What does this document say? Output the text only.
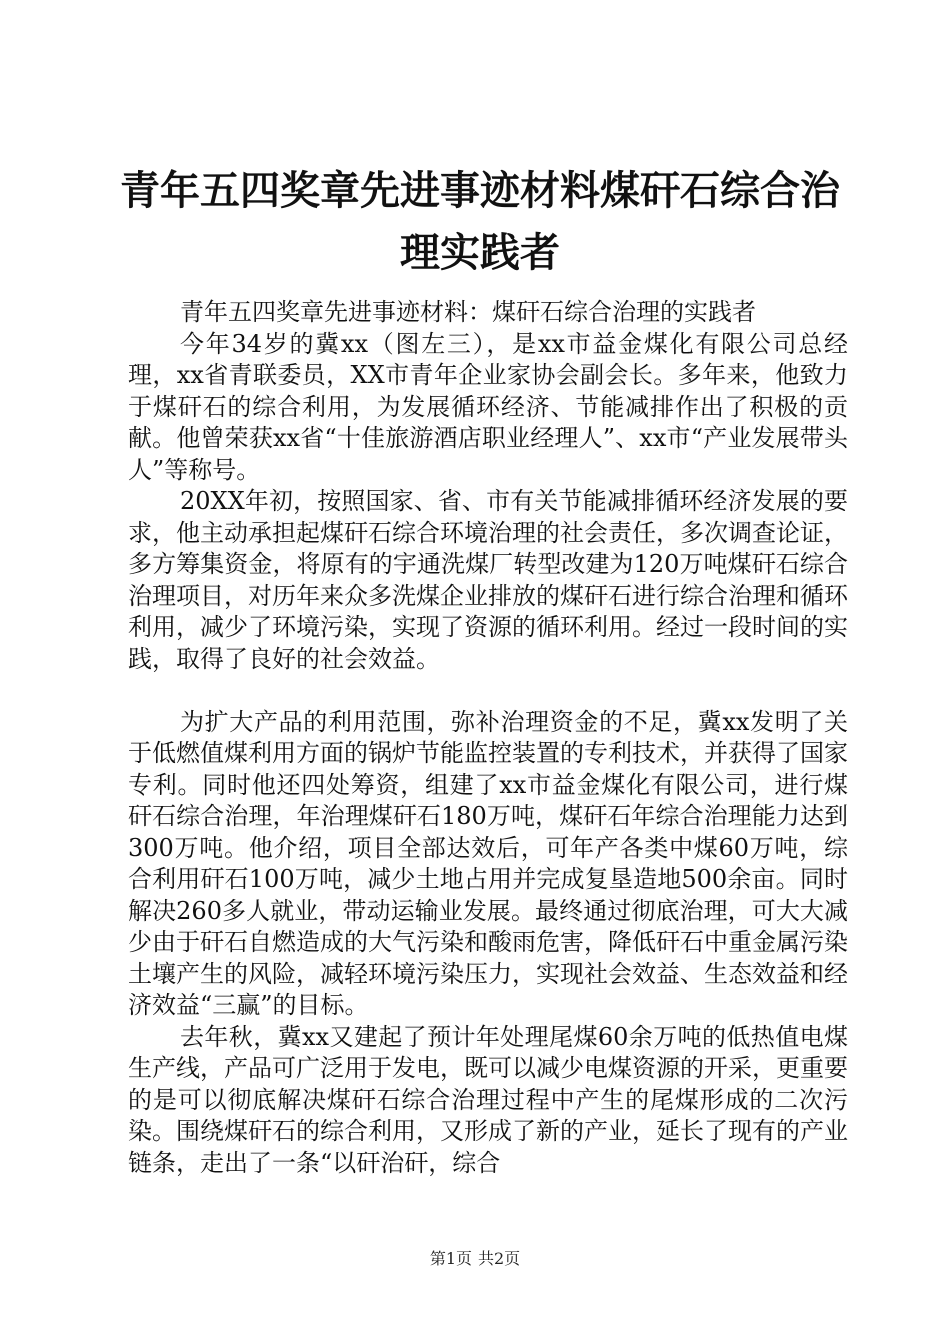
青年五四奖章先进事迹材料煤矸石综合治理实践者

青年五四奖章先进事迹材料：煤矸石综合治理的实践者

今年34岁的冀xx（图左三），是xx市益金煤化有限公司总经理，xx省青联委员，XX市青年企业家协会副会长。多年来，他致力于煤矸石的综合利用，为发展循环经济、节能减排作出了积极的贡献。他曾荣获xx省“十佳旅游酒店职业经理人”、xx市“产业发展带头人”等称号。

20XX年初，按照国家、省、市有关节能减排循环经济发展的要求，他主动承担起煤矸石综合环境治理的社会责任，多次调查论证，多方筹集资金，将原有的宇通洗煤厂转型改建为120万吨煤矸石综合治理项目，对历年来众多洗煤企业排放的煤矸石进行综合治理和循环利用，减少了环境污染，实现了资源的循环利用。经过一段时间的实践，取得了良好的社会效益。

为扩大产品的利用范围，弥补治理资金的不足，冀xx发明了关于低燃值煤利用方面的锅炉节能监控装置的专利技术，并获得了国家专利。同时他还四处筹资，组建了xx市益金煤化有限公司，进行煤矸石综合治理，年治理煤矸石180万吨，煤矸石年综合治理能力达到300万吨。他介绍，项目全部达效后，可年产各类中煤60万吨，综合利用矸石100万吨，减少土地占用并完成复垦造地500余亩。同时解决260多人就业，带动运输业发展。最终通过彻底治理，可大大减少由于矸石自燃造成的大气污染和酸雨危害，降低矸石中重金属污染土壤产生的风险，减轻环境污染压力，实现社会效益、生态效益和经济效益“三赢”的目标。

去年秋，冀xx又建起了预计年处理尾煤60余万吨的低热值电煤生产线，产品可广泛用于发电，既可以减少电煤资源的开采，更重要的是可以彻底解决煤矸石综合治理过程中产生的尾煤形成的二次污染。围绕煤矸石的综合利用，又形成了新的产业，延长了现有的产业链条，走出了一条“以矸治矸，综合

第1页 共2页
